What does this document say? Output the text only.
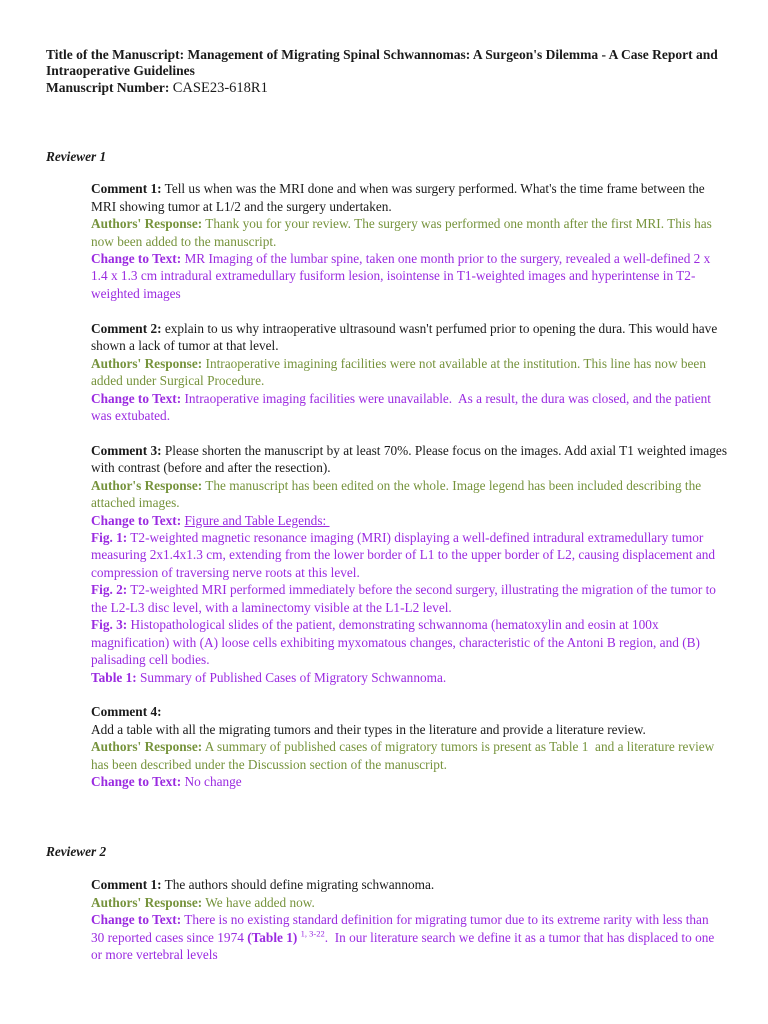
Title of the Manuscript: Management of Migrating Spinal Schwannomas: A Surgeon's Dilemma - A Case Report and
Intraoperative Guidelines
Manuscript Number: CASE23-618R1
Reviewer 1
Comment 1: Tell us when was the MRI done and when was surgery performed. What's the time frame between the
MRI showing tumor at L1/2 and the surgery undertaken.
Authors' Response: Thank you for your review. The surgery was performed one month after the first MRI. This has
now been added to the manuscript.
Change to Text: MR Imaging of the lumbar spine, taken one month prior to the surgery, revealed a well-defined 2 x
1.4 x 1.3 cm intradural extramedullary fusiform lesion, isointense in T1-weighted images and hyperintense in T2-
weighted images
Comment 2: explain to us why intraoperative ultrasound wasn't perfumed prior to opening the dura. This would have
shown a lack of tumor at that level.
Authors' Response: Intraoperative imagining facilities were not available at the institution. This line has now been
added under Surgical Procedure.
Change to Text: Intraoperative imaging facilities were unavailable.  As a result, the dura was closed, and the patient
was extubated.
Comment 3: Please shorten the manuscript by at least 70%. Please focus on the images. Add axial T1 weighted images
with contrast (before and after the resection).
Author's Response: The manuscript has been edited on the whole. Image legend has been included describing the
attached images.
Change to Text: Figure and Table Legends:
Fig. 1: T2-weighted magnetic resonance imaging (MRI) displaying a well-defined intradural extramedullary tumor
measuring 2x1.4x1.3 cm, extending from the lower border of L1 to the upper border of L2, causing displacement and
compression of traversing nerve roots at this level.
Fig. 2: T2-weighted MRI performed immediately before the second surgery, illustrating the migration of the tumor to
the L2-L3 disc level, with a laminectomy visible at the L1-L2 level.
Fig. 3: Histopathological slides of the patient, demonstrating schwannoma (hematoxylin and eosin at 100x
magnification) with (A) loose cells exhibiting myxomatous changes, characteristic of the Antoni B region, and (B)
palisading cell bodies.
Table 1: Summary of Published Cases of Migratory Schwannoma.
Comment 4:
Add a table with all the migrating tumors and their types in the literature and provide a literature review.
Authors' Response: A summary of published cases of migratory tumors is present as Table 1  and a literature review
has been described under the Discussion section of the manuscript.
Change to Text: No change
Reviewer 2
Comment 1: The authors should define migrating schwannoma.
Authors' Response: We have added now.
Change to Text: There is no existing standard definition for migrating tumor due to its extreme rarity with less than
30 reported cases since 1974 (Table 1) $^{1, 3-22}$.  In our literature search we define it as a tumor that has displaced to one
or more vertebral levels
